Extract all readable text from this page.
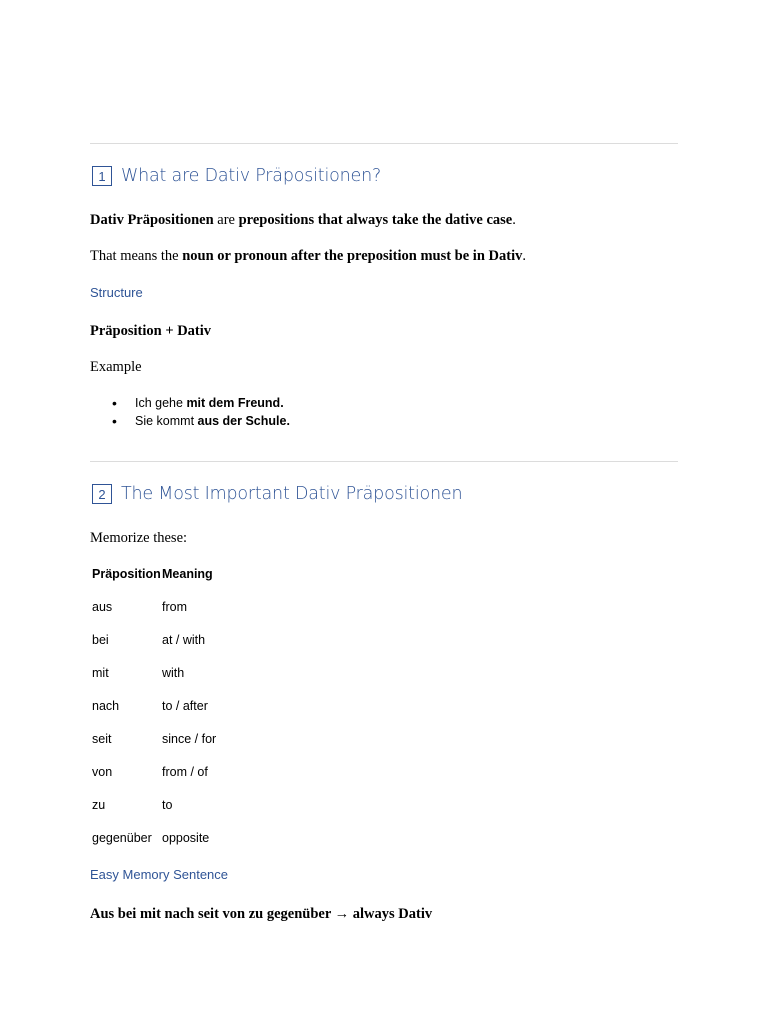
1 What are Dativ Präpositionen?
Dativ Präpositionen are prepositions that always take the dative case.
That means the noun or pronoun after the preposition must be in Dativ.
Structure
Präposition + Dativ
Example
• Ich gehe mit dem Freund.
• Sie kommt aus der Schule.
2 The Most Important Dativ Präpositionen
Memorize these:
Präposition Meaning
aus	from
bei	at / with
mit	with
nach	to / after
seit	since / for
von	from / of
zu	to
gegenüber opposite
Easy Memory Sentence
Aus bei mit nach seit von zu gegenüber → always Dativ
